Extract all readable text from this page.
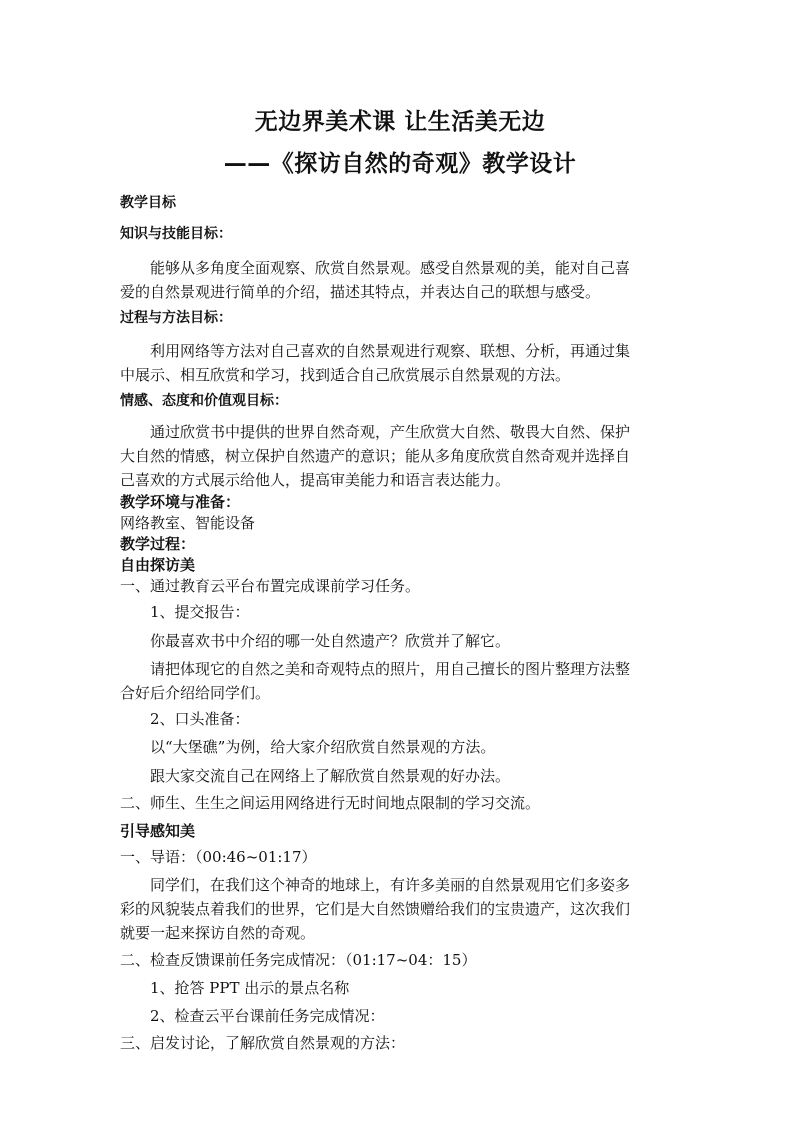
无边界美术课 让生活美无边
——《探访自然的奇观》教学设计
教学目标
知识与技能目标：
能够从多角度全面观察、欣赏自然景观。感受自然景观的美，能对自己喜
爱的自然景观进行简单的介绍，描述其特点，并表达自己的联想与感受。
过程与方法目标：
利用网络等方法对自己喜欢的自然景观进行观察、联想、分析，再通过集
中展示、相互欣赏和学习，找到适合自己欣赏展示自然景观的方法。
情感、态度和价值观目标：
通过欣赏书中提供的世界自然奇观，产生欣赏大自然、敬畏大自然、保护
大自然的情感，树立保护自然遗产的意识；能从多角度欣赏自然奇观并选择自
己喜欢的方式展示给他人，提高审美能力和语言表达能力。
教学环境与准备：
网络教室、智能设备
教学过程：
自由探访美
一、通过教育云平台布置完成课前学习任务。
1、提交报告：
你最喜欢书中介绍的哪一处自然遗产？欣赏并了解它。
请把体现它的自然之美和奇观特点的照片，用自己擅长的图片整理方法整
合好后介绍给同学们。
2、口头准备：
以“大堡礁”为例，给大家介绍欣赏自然景观的方法。
跟大家交流自己在网络上了解欣赏自然景观的好办法。
二、师生、生生之间运用网络进行无时间地点限制的学习交流。
引导感知美
一、导语：（00:46~01:17）
同学们，在我们这个神奇的地球上，有许多美丽的自然景观用它们多姿多
彩的风貌装点着我们的世界，它们是大自然馈赠给我们的宝贵遗产，这次我们
就要一起来探访自然的奇观。
二、检查反馈课前任务完成情况：（01:17~04：15）
1、抢答 PPT 出示的景点名称
2、检查云平台课前任务完成情况：
三、启发讨论，了解欣赏自然景观的方法：
